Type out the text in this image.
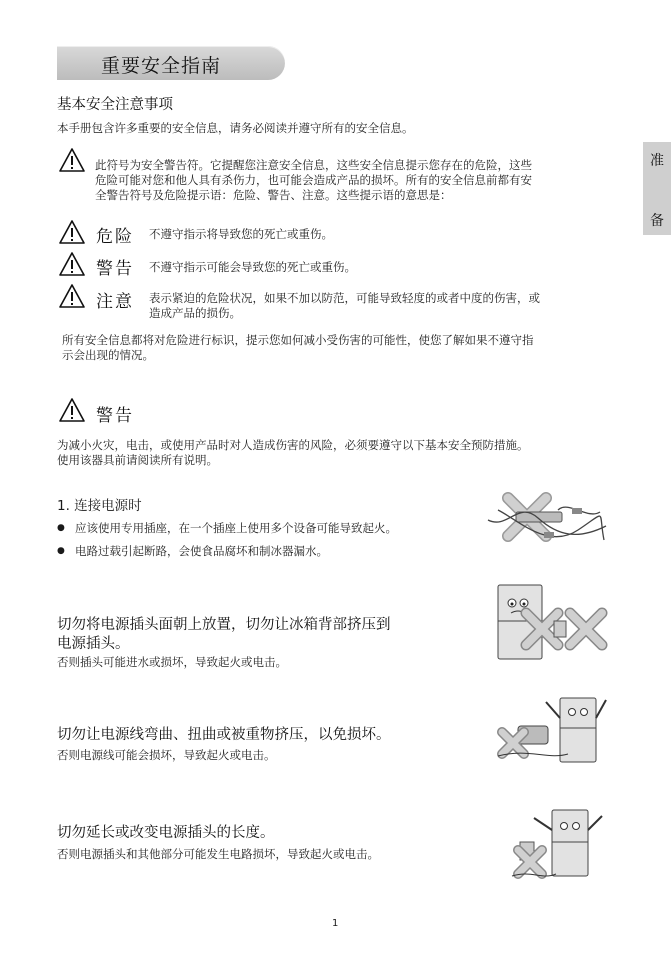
重要安全指南
准
备
基本安全注意事项
本手册包含许多重要的安全信息，请务必阅读并遵守所有的安全信息。
此符号为安全警告符。它提醒您注意安全信息，这些安全信息提示您存在的危险，这些
危险可能对您和他人具有杀伤力，也可能会造成产品的损坏。所有的安全信息前都有安
全警告符号及危险提示语：危险、警告、注意。这些提示语的意思是：
危险 不遵守指示将导致您的死亡或重伤。
警告 不遵守指示可能会导致您的死亡或重伤。
注意 表示紧迫的危险状况，如果不加以防范，可能导致轻度的或者中度的伤害，或
造成产品的损伤。
所有安全信息都将对危险进行标识，提示您如何减小受伤害的可能性，使您了解如果不遵守指
示会出现的情况。
警告
为减小火灾，电击，或使用产品时对人造成伤害的风险，必须要遵守以下基本安全预防措施。
使用该器具前请阅读所有说明。
1. 连接电源时
● 应该使用专用插座，在一个插座上使用多个设备可能导致起火。
● 电路过载引起断路，会使食品腐坏和制冰器漏水。
切勿将电源插头面朝上放置，切勿让冰箱背部挤压到
电源插头。
否则插头可能进水或损坏，导致起火或电击。
切勿让电源线弯曲、扭曲或被重物挤压，以免损坏。
否则电源线可能会损坏，导致起火或电击。
切勿延长或改变电源插头的长度。
否则电源插头和其他部分可能发生电路损坏，导致起火或电击。
1
